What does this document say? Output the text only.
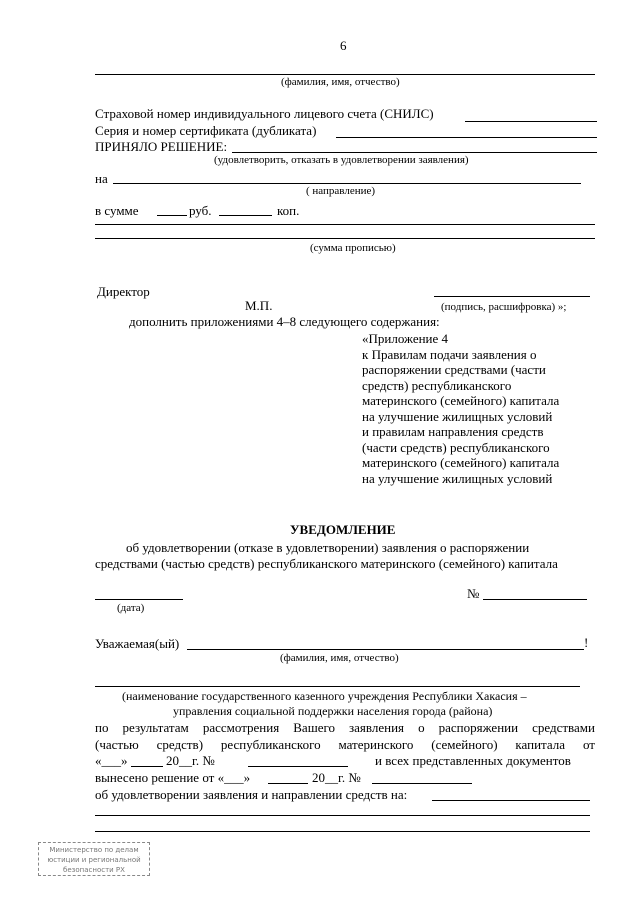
6
(фамилия, имя, отчество)
Страховой номер индивидуального лицевого счета (СНИЛС)
Серия и номер сертификата (дубликата)
ПРИНЯЛО РЕШЕНИЕ:
(удовлетворить, отказать в удовлетворении заявления)
на
( направление)
в сумме	руб.	коп.
(сумма прописью)
Директор
М.П.	(подпись, расшифровка) »;
дополнить приложениями 4–8 следующего содержания:
«Приложение 4
к Правилам подачи заявления о
распоряжении средствами (части
средств) республиканского
материнского (семейного) капитала
на улучшение жилищных условий
и правилам направления средств
(части средств) республиканского
материнского (семейного) капитала
на улучшение жилищных условий
УВЕДОМЛЕНИЕ
об удовлетворении (отказе в удовлетворении) заявления о распоряжении
средствами (частью средств) республиканского материнского (семейного) капитала
№
(дата)
Уважаемая(ый)	!
(фамилия, имя, отчество)
(наименование государственного казенного учреждения Республики Хакасия –
управления социальной поддержки населения города (района)
по результатам рассмотрения Вашего заявления о распоряжении средствами
(частью средств) республиканского материнского (семейного) капитала от
«___»	20__г. №	и всех представленных документов
вынесено решение от «___»	20__г. №
об удовлетворении заявления и направлении средств на:
Министерство по делам
юстиции и региональной
безопасности РХ
